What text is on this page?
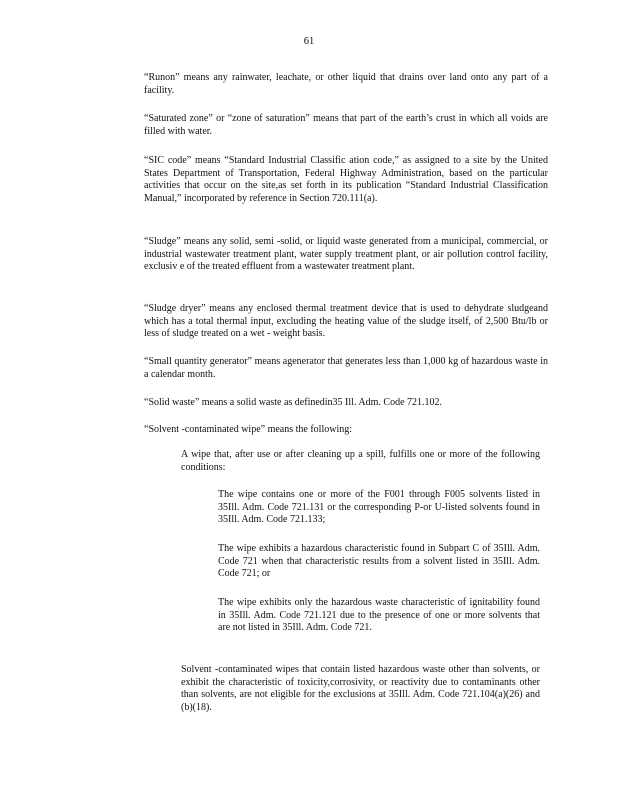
61

“Runon” means any rainwater, leachate, or other liquid that drains over land onto any part of a facility.

“Saturated zone” or “zone of saturation” means that part of the earth’s crust in which all voids are filled with water.

“SIC code” means “Standard Industrial Classific ation code,” as assigned to a site by the United States Department of Transportation, Federal Highway Administration, based on the particular activities that occur on the site,as set forth in its publication “Standard Industrial Classification Manual,” incorporated by reference in Section 720.111(a).

“Sludge” means any solid, semi -solid, or liquid waste generated from a municipal, commercial, or industrial wastewater treatment plant, water supply treatment plant, or air pollution control facility, exclusiv e of the treated effluent from a wastewater treatment plant.

“Sludge dryer” means any enclosed thermal treatment device that is used to dehydrate sludgeand which has a total thermal input, excluding the heating value of the sludge itself, of 2,500 Btu/lb or less of sludge treated on a wet - weight basis.

“Small quantity generator” means agenerator that generates less than 1,000 kg of hazardous waste in a calendar month.

“Solid waste” means a solid waste as definedin35 Ill. Adm. Code 721.102.

“Solvent -contaminated wipe” means the following:

A wipe that, after use or after cleaning up a spill, fulfills one or more of the following conditions:

The wipe contains one or more of the F001 through F005 solvents listed in 35Ill. Adm. Code 721.131 or the corresponding P-or U-listed solvents found in 35Ill. Adm. Code 721.133;

The wipe exhibits a hazardous characteristic found in Subpart C of 35Ill. Adm. Code 721 when that characteristic results from a solvent listed in 35Ill. Adm. Code 721; or

The wipe exhibits only the hazardous waste characteristic of ignitability found in 35Ill. Adm. Code 721.121 due to the presence of one or more solvents that are not listed in 35Ill. Adm. Code 721.

Solvent -contaminated wipes that contain listed hazardous waste other than solvents, or exhibit the characteristic of toxicity,corrosivity, or reactivity due to contaminants other than solvents, are not eligible for the exclusions at 35Ill. Adm. Code 721.104(a)(26) and (b)(18).
